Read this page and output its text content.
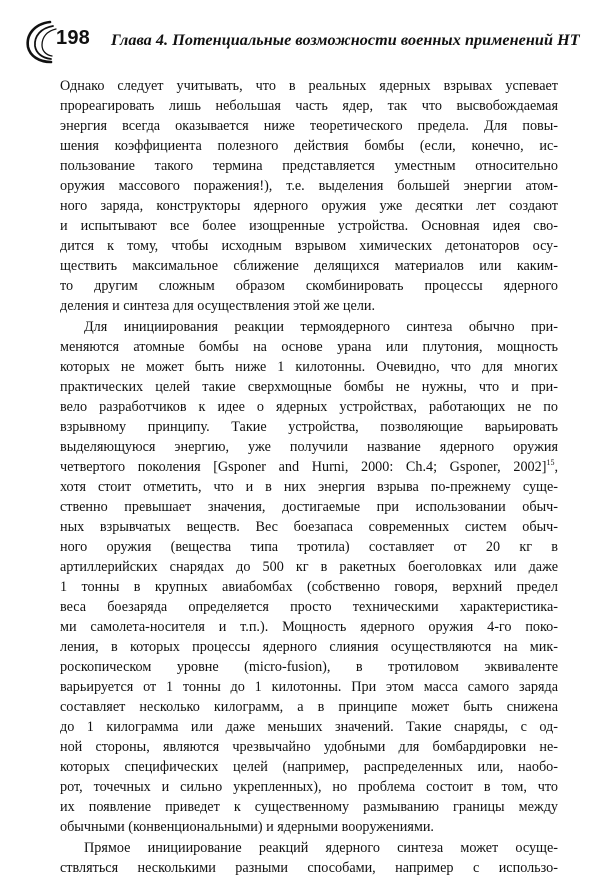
198 Глава 4. Потенциальные возможности военных применений НТ
Однако следует учитывать, что в реальных ядерных взрывах успевает
прореагировать лишь небольшая часть ядер, так что высвобождаемая
энергия всегда оказывается ниже теоретического предела. Для повы-
шения коэффициента полезного действия бомбы (если, конечно, ис-
пользование такого термина представляется уместным относительно
оружия массового поражения!), т.е. выделения большей энергии атом-
ного заряда, конструкторы ядерного оружия уже десятки лет создают
и испытывают все более изощренные устройства. Основная идея сво-
дится к тому, чтобы исходным взрывом химических детонаторов осу-
ществить максимальное сближение делящихся материалов или каким-
то другим сложным образом скомбинировать процессы ядерного
деления и синтеза для осуществления этой же цели.
Для инициирования реакции термоядерного синтеза обычно при-
меняются атомные бомбы на основе урана или плутония, мощность
которых не может быть ниже 1 килотонны. Очевидно, что для многих
практических целей такие сверхмощные бомбы не нужны, что и при-
вело разработчиков к идее о ядерных устройствах, работающих не по
взрывному принципу. Такие устройства, позволяющие варьировать
выделяющуюся энергию, уже получили название ядерного оружия
четвертого поколения [Gsponer and Hurni, 2000: Ch.4; Gsponer, 2002]$^{15}$,
хотя стоит отметить, что и в них энергия взрыва по-прежнему суще-
ственно превышает значения, достигаемые при использовании обыч-
ных взрывчатых веществ. Вес боезапаса современных систем обыч-
ного оружия (вещества типа тротила) составляет от 20 кг в
артиллерийских снарядах до 500 кг в ракетных боеголовках или даже
1 тонны в крупных авиабомбах (собственно говоря, верхний предел
веса боезаряда определяется просто техническими характеристика-
ми самолета-носителя и т.п.). Мощность ядерного оружия 4-го поко-
ления, в которых процессы ядерного слияния осуществляются на мик-
роскопическом уровне (micro-fusion), в тротиловом эквиваленте
варьируется от 1 тонны до 1 килотонны. При этом масса самого заряда
составляет несколько килограмм, а в принципе может быть снижена
до 1 килограмма или даже меньших значений. Такие снаряды, с од-
ной стороны, являются чрезвычайно удобными для бомбардировки не-
которых специфических целей (например, распределенных или, наобо-
рот, точечных и сильно укрепленных), но проблема состоит в том, что
их появление приведет к существенному размыванию границы между
обычными (конвенциональными) и ядерными вооружениями.
Прямое инициирование реакций ядерного синтеза может осуще-
ствляться несколькими разными способами, например с использо-
